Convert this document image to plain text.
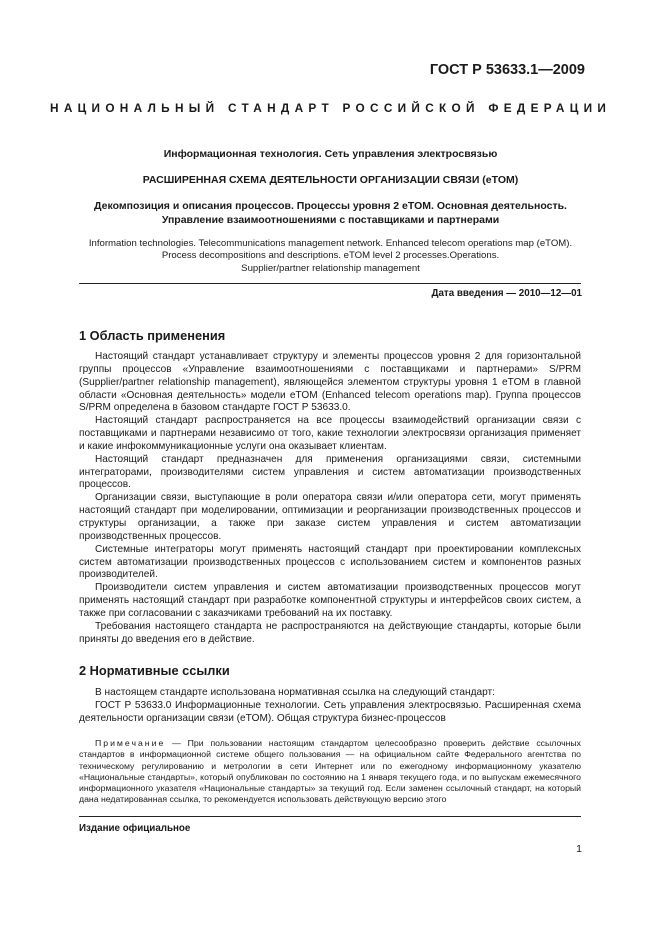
ГОСТ Р 53633.1—2009
НАЦИОНАЛЬНЫЙ СТАНДАРТ РОССИЙСКОЙ ФЕДЕРАЦИИ
Информационная технология. Сеть управления электросвязью
РАСШИРЕННАЯ СХЕМА ДЕЯТЕЛЬНОСТИ ОРГАНИЗАЦИИ СВЯЗИ (eTOM)
Декомпозиция и описания процессов. Процессы уровня 2 eTOM. Основная деятельность.
Управление взаимоотношениями с поставщиками и партнерами
Information technologies. Telecommunications management network. Enhanced telecom operations map (eTOM).
Process decompositions and descriptions. eTOM level 2 processes.Operations.
Supplier/partner relationship management
Дата введения — 2010—12—01
1 Область применения

Настоящий стандарт устанавливает структуру и элементы процессов уровня 2 для горизонтальной группы процессов «Управление взаимоотношениями с поставщиками и партнерами» S/PRM (Supplier/partner relationship management), являющейся элементом структуры уровня 1 eTOM в главной области «Основная деятельность» модели eTOM (Enhanced telecom operations map). Группа процессов S/PRM определена в базовом стандарте ГОСТ Р 53633.0.

Настоящий стандарт распространяется на все процессы взаимодействий организации связи с поставщиками и партнерами независимо от того, какие технологии электросвязи организация применяет и какие инфокоммуникационные услуги она оказывает клиентам.

Настоящий стандарт предназначен для применения организациями связи, системными интеграторами, производителями систем управления и систем автоматизации производственных процессов.

Организации связи, выступающие в роли оператора связи и/или оператора сети, могут применять настоящий стандарт при моделировании, оптимизации и реорганизации производственных процессов и структуры организации, а также при заказе систем управления и систем автоматизации производственных процессов.

Системные интеграторы могут применять настоящий стандарт при проектировании комплексных систем автоматизации производственных процессов с использованием систем и компонентов разных производителей.

Производители систем управления и систем автоматизации производственных процессов могут применять настоящий стандарт при разработке компонентной структуры и интерфейсов своих систем, а также при согласовании с заказчиками требований на их поставку.

Требования настоящего стандарта не распространяются на действующие стандарты, которые были приняты до введения его в действие.

2 Нормативные ссылки

В настоящем стандарте использована нормативная ссылка на следующий стандарт:

ГОСТ Р 53633.0 Информационные технологии. Сеть управления электросвязью. Расширенная схема деятельности организации связи (eTOM). Общая структура бизнес-процессов

Примечание — При пользовании настоящим стандартом целесообразно проверить действие ссылочных стандартов в информационной системе общего пользования — на официальном сайте Федерального агентства по техническому регулированию и метрологии в сети Интернет или по ежегодному информационному указателю «Национальные стандарты», который опубликован по состоянию на 1 января текущего года, и по выпускам ежемесячного информационного указателя «Национальные стандарты» за текущий год. Если заменен ссылочный стандарт, на который дана недатированная ссылка, то рекомендуется использовать действующую версию этого

Издание официальное
1
